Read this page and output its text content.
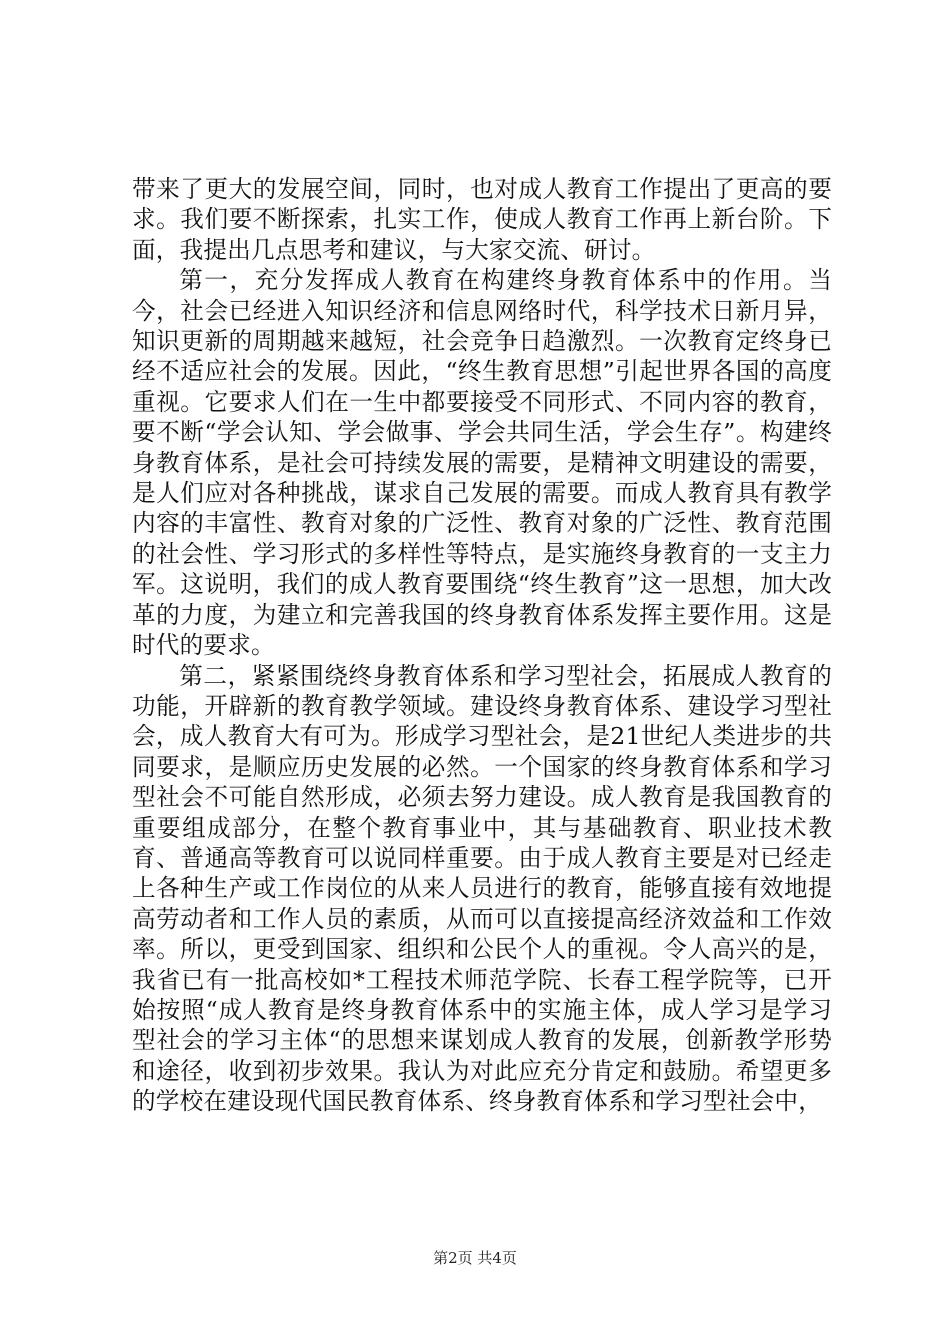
带来了更大的发展空间，同时，也对成人教育工作提出了更高的要求。我们要不断探索，扎实工作，使成人教育工作再上新台阶。下面，我提出几点思考和建议，与大家交流、研讨。

第一，充分发挥成人教育在构建终身教育体系中的作用。当今，社会已经进入知识经济和信息网络时代，科学技术日新月异，知识更新的周期越来越短，社会竞争日趋激烈。一次教育定终身已经不适应社会的发展。因此，“终生教育思想”引起世界各国的高度重视。它要求人们在一生中都要接受不同形式、不同内容的教育，要不断“学会认知、学会做事、学会共同生活，学会生存”。构建终身教育体系，是社会可持续发展的需要，是精神文明建设的需要，是人们应对各种挑战，谋求自己发展的需要。而成人教育具有教学内容的丰富性、教育对象的广泛性、教育对象的广泛性、教育范围的社会性、学习形式的多样性等特点，是实施终身教育的一支主力军。这说明，我们的成人教育要围绕“终生教育”这一思想，加大改革的力度，为建立和完善我国的终身教育体系发挥主要作用。这是时代的要求。

第二，紧紧围绕终身教育体系和学习型社会，拓展成人教育的功能，开辟新的教育教学领域。建设终身教育体系、建设学习型社会，成人教育大有可为。形成学习型社会，是21世纪人类进步的共同要求，是顺应历史发展的必然。一个国家的终身教育体系和学习型社会不可能自然形成，必须去努力建设。成人教育是我国教育的重要组成部分，在整个教育事业中，其与基础教育、职业技术教育、普通高等教育可以说同样重要。由于成人教育主要是对已经走上各种生产或工作岗位的从来人员进行的教育，能够直接有效地提高劳动者和工作人员的素质，从而可以直接提高经济效益和工作效率。所以，更受到国家、组织和公民个人的重视。令人高兴的是，我省已有一批高校如*工程技术师范学院、长春工程学院等，已开始按照“成人教育是终身教育体系中的实施主体，成人学习是学习型社会的学习主体“的思想来谋划成人教育的发展，创新教学形势和途径，收到初步效果。我认为对此应充分肯定和鼓励。希望更多的学校在建设现代国民教育体系、终身教育体系和学习型社会中，

第2页 共4页
